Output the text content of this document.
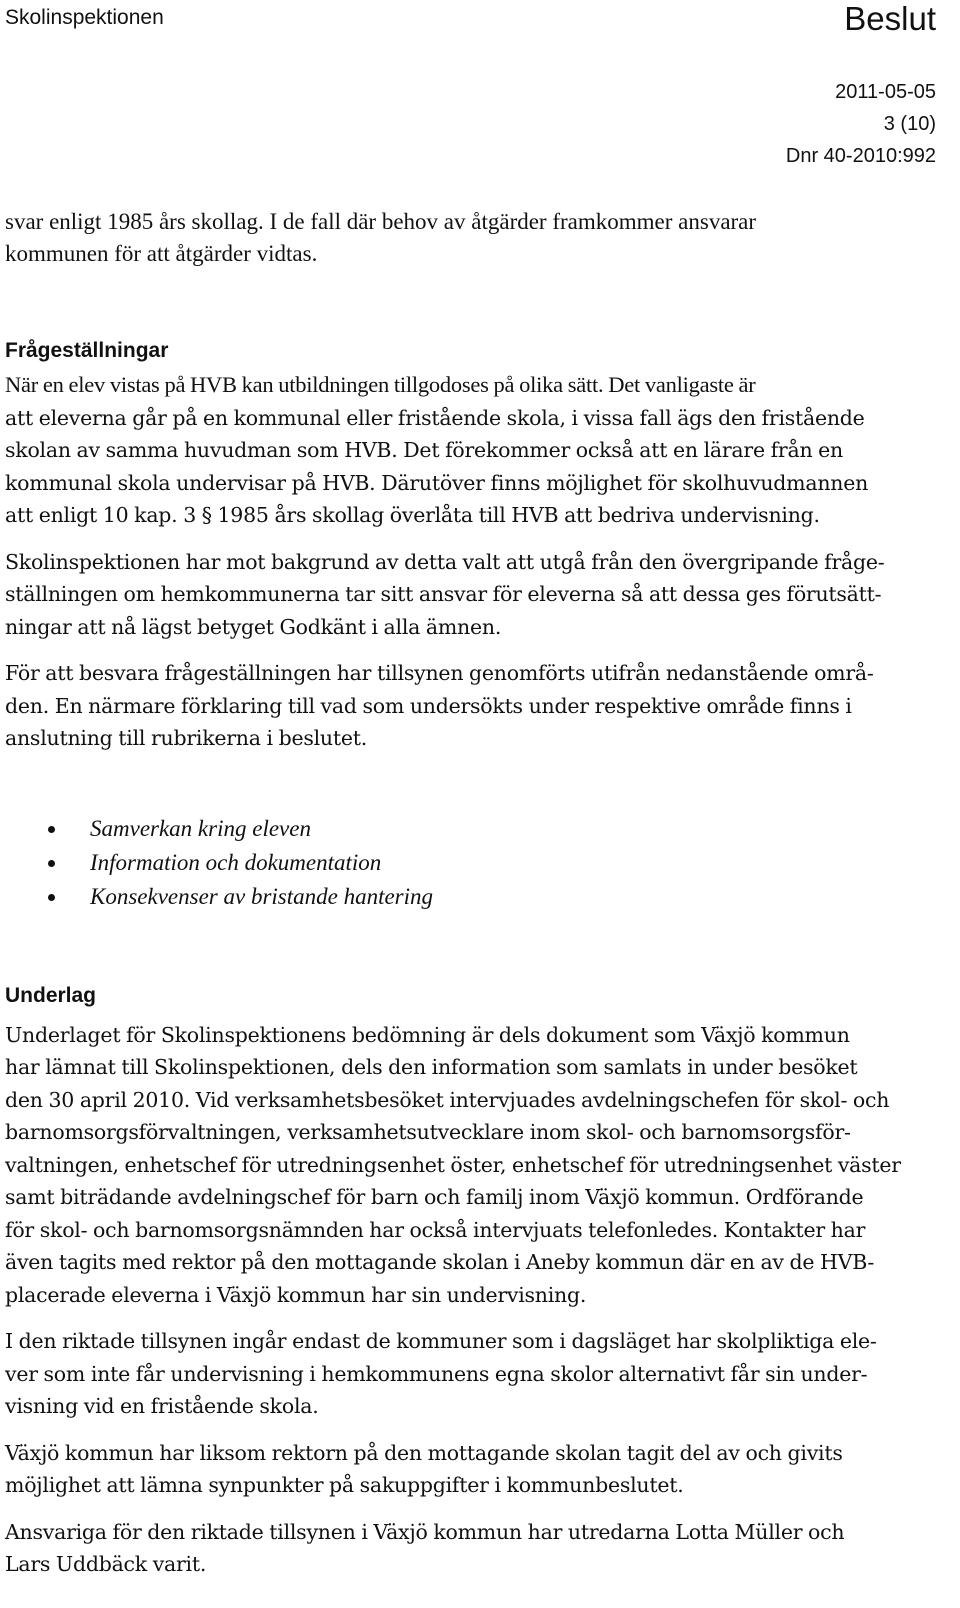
Skolinspektionen	Beslut
2011-05-05
3 (10)
Dnr 40-2010:992

svar enligt 1985 års skollag. I de fall där behov av åtgärder framkommer ansvarar
kommunen för att åtgärder vidtas.

Frågeställningar

När en elev vistas på HVB kan utbildningen tillgodoses på olika sätt. Det vanligaste är
att eleverna går på en kommunal eller fristående skola, i vissa fall ägs den fristående
skolan av samma huvudman som HVB. Det förekommer också att en lärare från en
kommunal skola undervisar på HVB. Därutöver finns möjlighet för skolhuvudmannen
att enligt 10 kap. 3 § 1985 års skollag överlåta till HVB att bedriva undervisning.

Skolinspektionen har mot bakgrund av detta valt att utgå från den övergripande fråge-
ställningen om hemkommunerna tar sitt ansvar för eleverna så att dessa ges förutsätt-
ningar att nå lägst betyget Godkänt i alla ämnen.

För att besvara frågeställningen har tillsynen genomförts utifrån nedanstående områ-
den. En närmare förklaring till vad som undersökts under respektive område finns i
anslutning till rubrikerna i beslutet.

Samverkan kring eleven
Information och dokumentation
Konsekvenser av bristande hantering
Underlag

Underlaget för Skolinspektionens bedömning är dels dokument som Växjö kommun
har lämnat till Skolinspektionen, dels den information som samlats in under besöket
den 30 april 2010. Vid verksamhetsbesöket intervjuades avdelningschefen för skol- och
barnomsorgsförvaltningen, verksamhetsutvecklare inom skol- och barnomsorgsför-
valtningen, enhetschef för utredningsenhet öster, enhetschef för utredningsenhet väster
samt biträdande avdelningschef för barn och familj inom Växjö kommun. Ordförande
för skol- och barnomsorgsnämnden har också intervjuats telefonledes. Kontakter har
även tagits med rektor på den mottagande skolan i Aneby kommun där en av de HVB-
placerade eleverna i Växjö kommun har sin undervisning.

I den riktade tillsynen ingår endast de kommuner som i dagsläget har skolpliktiga ele-
ver som inte får undervisning i hemkommunens egna skolor alternativt får sin under-
visning vid en fristående skola.

Växjö kommun har liksom rektorn på den mottagande skolan tagit del av och givits
möjlighet att lämna synpunkter på sakuppgifter i kommunbeslutet.

Ansvariga för den riktade tillsynen i Växjö kommun har utredarna Lotta Müller och
Lars Uddbäck varit.
